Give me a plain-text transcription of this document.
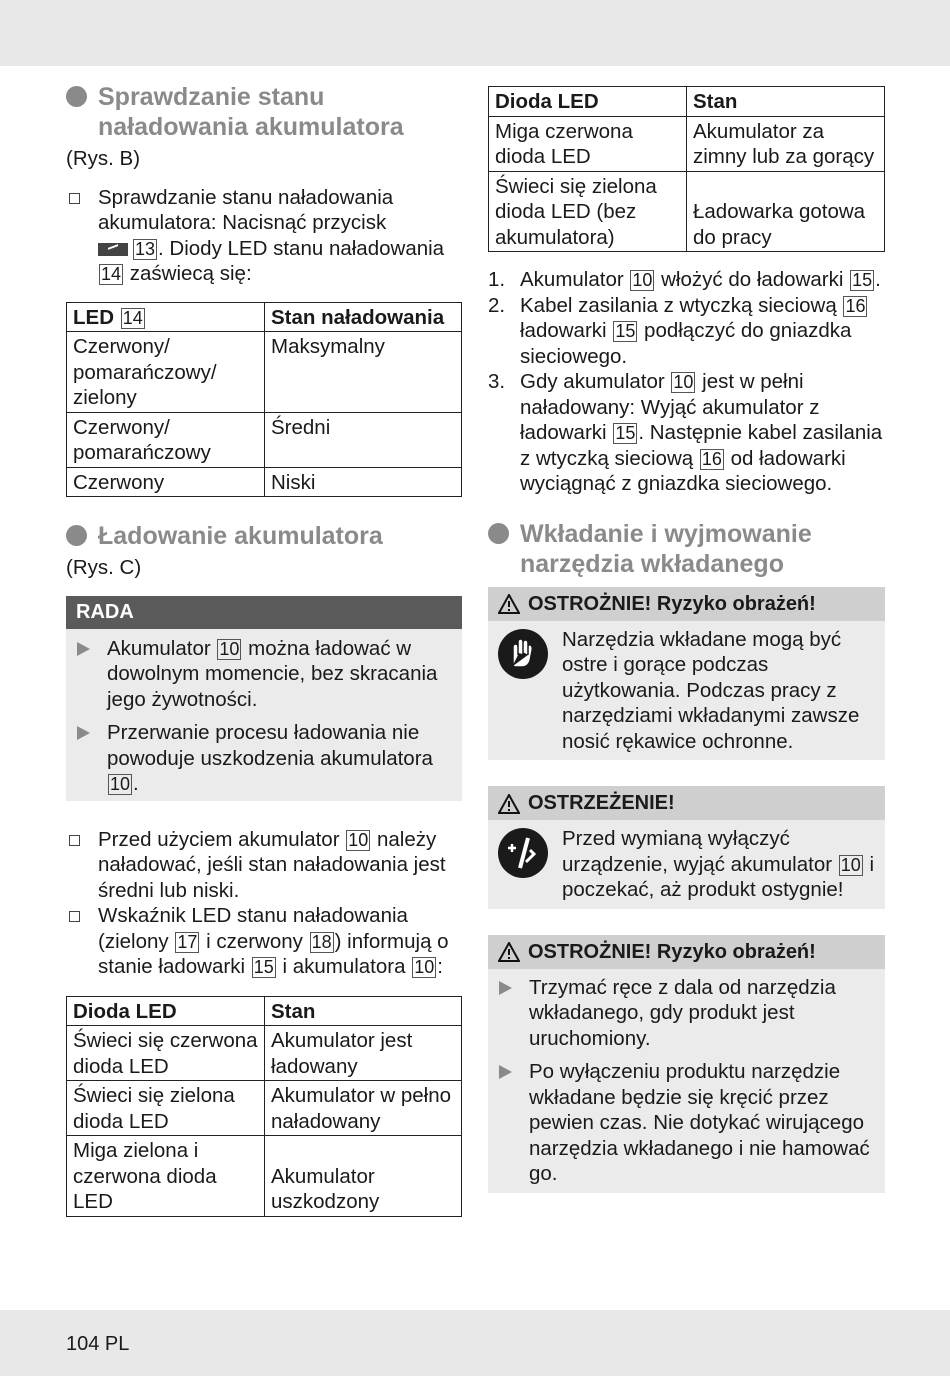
Sprawdzanie stanu
naładowania akumulatora
(Rys. B)
Sprawdzanie stanu naładowania akumulatora: Nacisnąć przycisk
13 . Diody LED stanu naładowania 14 zaświecą się:
LED 14	Stan naładowania
Czerwony/ pomarańczowy/ zielony	Maksymalny
Czerwony/ pomarańczowy	Średni
Czerwony	Niski
Ładowanie akumulatora
(Rys. C)
RADA
Akumulator 10 można ładować w dowolnym momencie, bez skracania jego żywotności.
Przerwanie procesu ładowania nie powoduje uszkodzenia akumulatora 10 .
Przed użyciem akumulator 10 należy naładować, jeśli stan naładowania jest średni lub niski.
Wskaźnik LED stanu naładowania (zielony 17 i czerwony 18 ) informują o stanie ładowarki 15 i akumulatora 10 :
Dioda LED	Stan
Świeci się czerwona dioda LED	Akumulator jest ładowany
Świeci się zielona dioda LED	Akumulator w pełno naładowany
Miga zielona i czerwona dioda LED	Akumulator uszkodzony
Dioda LED	Stan
Miga czerwona dioda LED	Akumulator za zimny lub za gorący
Świeci się zielona dioda LED (bez akumulatora)	Ładowarka gotowa do pracy
1. Akumulator 10 włożyć do ładowarki 15 .
2. Kabel zasilania z wtyczką sieciową 16 ładowarki 15 podłączyć do gniazdka sieciowego.
3. Gdy akumulator 10 jest w pełni naładowany: Wyjąć akumulator z ładowarki 15 . Następnie kabel zasilania z wtyczką sieciową 16 od ładowarki wyciągnąć z gniazdka sieciowego.
Wkładanie i wyjmowanie
narzędzia wkładanego
OSTROŻNIE! Ryzyko obrażeń!
Narzędzia wkładane mogą być ostre i gorące podczas użytkowania. Podczas pracy z narzędziami wkładanymi zawsze nosić rękawice ochronne.
OSTRZEŻENIE!
Przed wymianą wyłączyć urządzenie, wyjąć akumulator 10 i poczekać, aż produkt ostygnie!
OSTROŻNIE! Ryzyko obrażeń!
Trzymać ręce z dala od narzędzia wkładanego, gdy produkt jest uruchomiony.
Po wyłączeniu produktu narzędzie wkładane będzie się kręcić przez pewien czas. Nie dotykać wirującego narzędzia wkładanego i nie hamować go.
104 PL
